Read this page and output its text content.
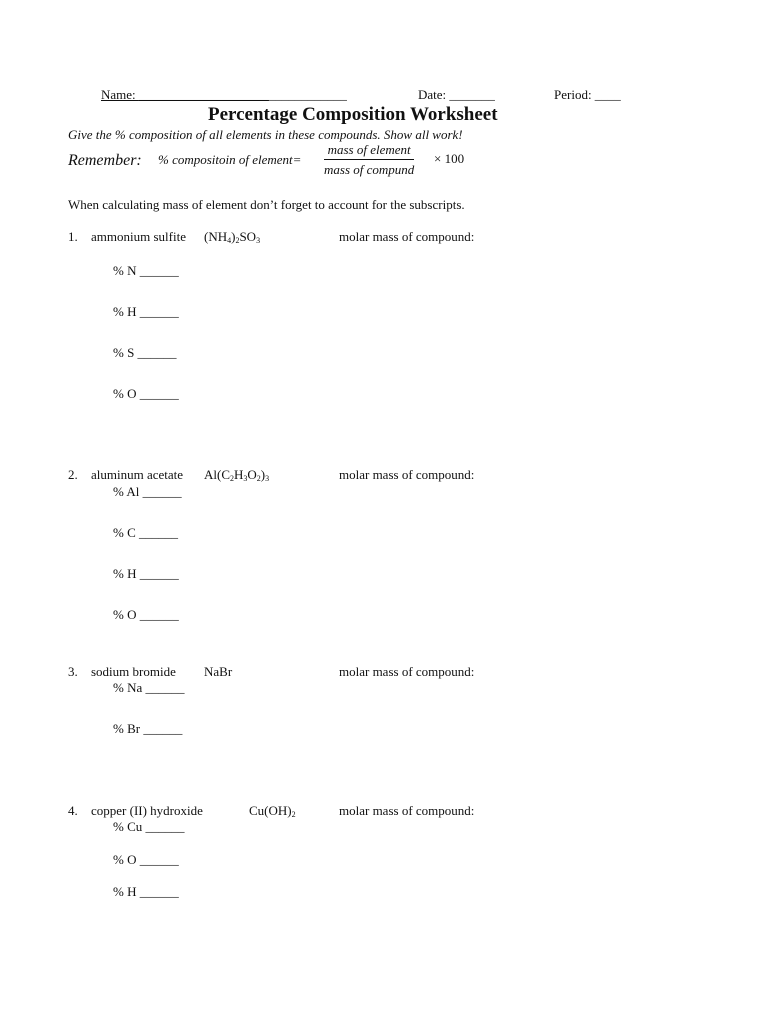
Name: ________________________________	Date: _______	Period: ____
Percentage Composition Worksheet
Give the % composition of all elements in these compounds. Show all work!
Remember: % compositoin of element=
mass of element
mass of compund
× 100
When calculating mass of element don’t forget to account for the subscripts.
1. ammonium sulfite $(NH_4)_2SO_3$	molar mass of compound:
% N ______
% H ______
% S ______
% O ______
2. aluminum acetate $Al(C_2H_3O_2)_3$	molar mass of compound:
% Al ______
% C ______
% H ______
% O ______
3. sodium bromide NaBr	molar mass of compound:
% Na ______
% Br ______
4. copper (II) hydroxide	$Cu(OH)_2$	molar mass of compound:
% Cu ______
% O ______
% H ______
